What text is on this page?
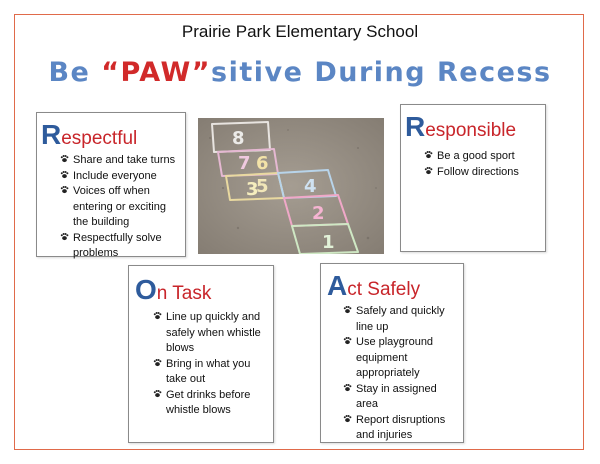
Prairie Park Elementary School
Be “PAW”sitive During Recess
Respectful
Share and take turns
Include everyone
Voices off when entering or exciting the building
Respectfully solve problems
8
7 6
5
3	4
2
1
Responsible
Be a good sport
Follow directions
On Task
Line up quickly and safely when whistle blows
Bring in what you take out
Get drinks before whistle blows
Act Safely
Safely and quickly line up
Use playground equipment appropriately
Stay in assigned area
Report disruptions and injuries
